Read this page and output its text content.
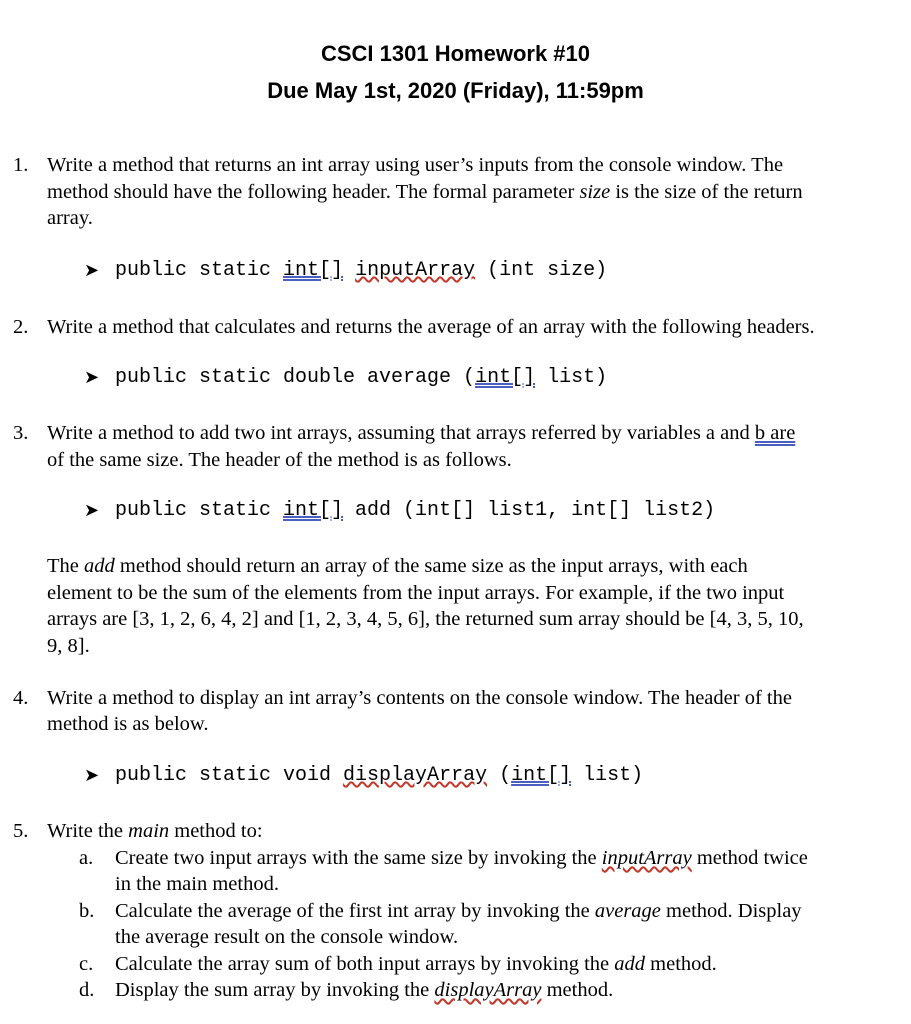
CSCI 1301 Homework #10
Due May 1st, 2020 (Friday), 11:59pm
1. Write a method that returns an int array using user’s inputs from the console window. The
method should have the following header. The formal parameter size is the size of the return
array.
➤ public static int[] inputArray (int size)
2. Write a method that calculates and returns the average of an array with the following headers.
➤ public static double average (int[] list)
3. Write a method to add two int arrays, assuming that arrays referred by variables a and b are
of the same size. The header of the method is as follows.
➤ public static int[] add (int[] list1, int[] list2)
The add method should return an array of the same size as the input arrays, with each
element to be the sum of the elements from the input arrays. For example, if the two input
arrays are [3, 1, 2, 6, 4, 2] and [1, 2, 3, 4, 5, 6], the returned sum array should be [4, 3, 5, 10,
9, 8].
4. Write a method to display an int array’s contents on the console window. The header of the
method is as below.
➤ public static void displayArray (int[] list)
5. Write the main method to:
a. Create two input arrays with the same size by invoking the inputArray method twice
in the main method.
b. Calculate the average of the first int array by invoking the average method. Display
the average result on the console window.
c. Calculate the array sum of both input arrays by invoking the add method.
d. Display the sum array by invoking the displayArray method.
